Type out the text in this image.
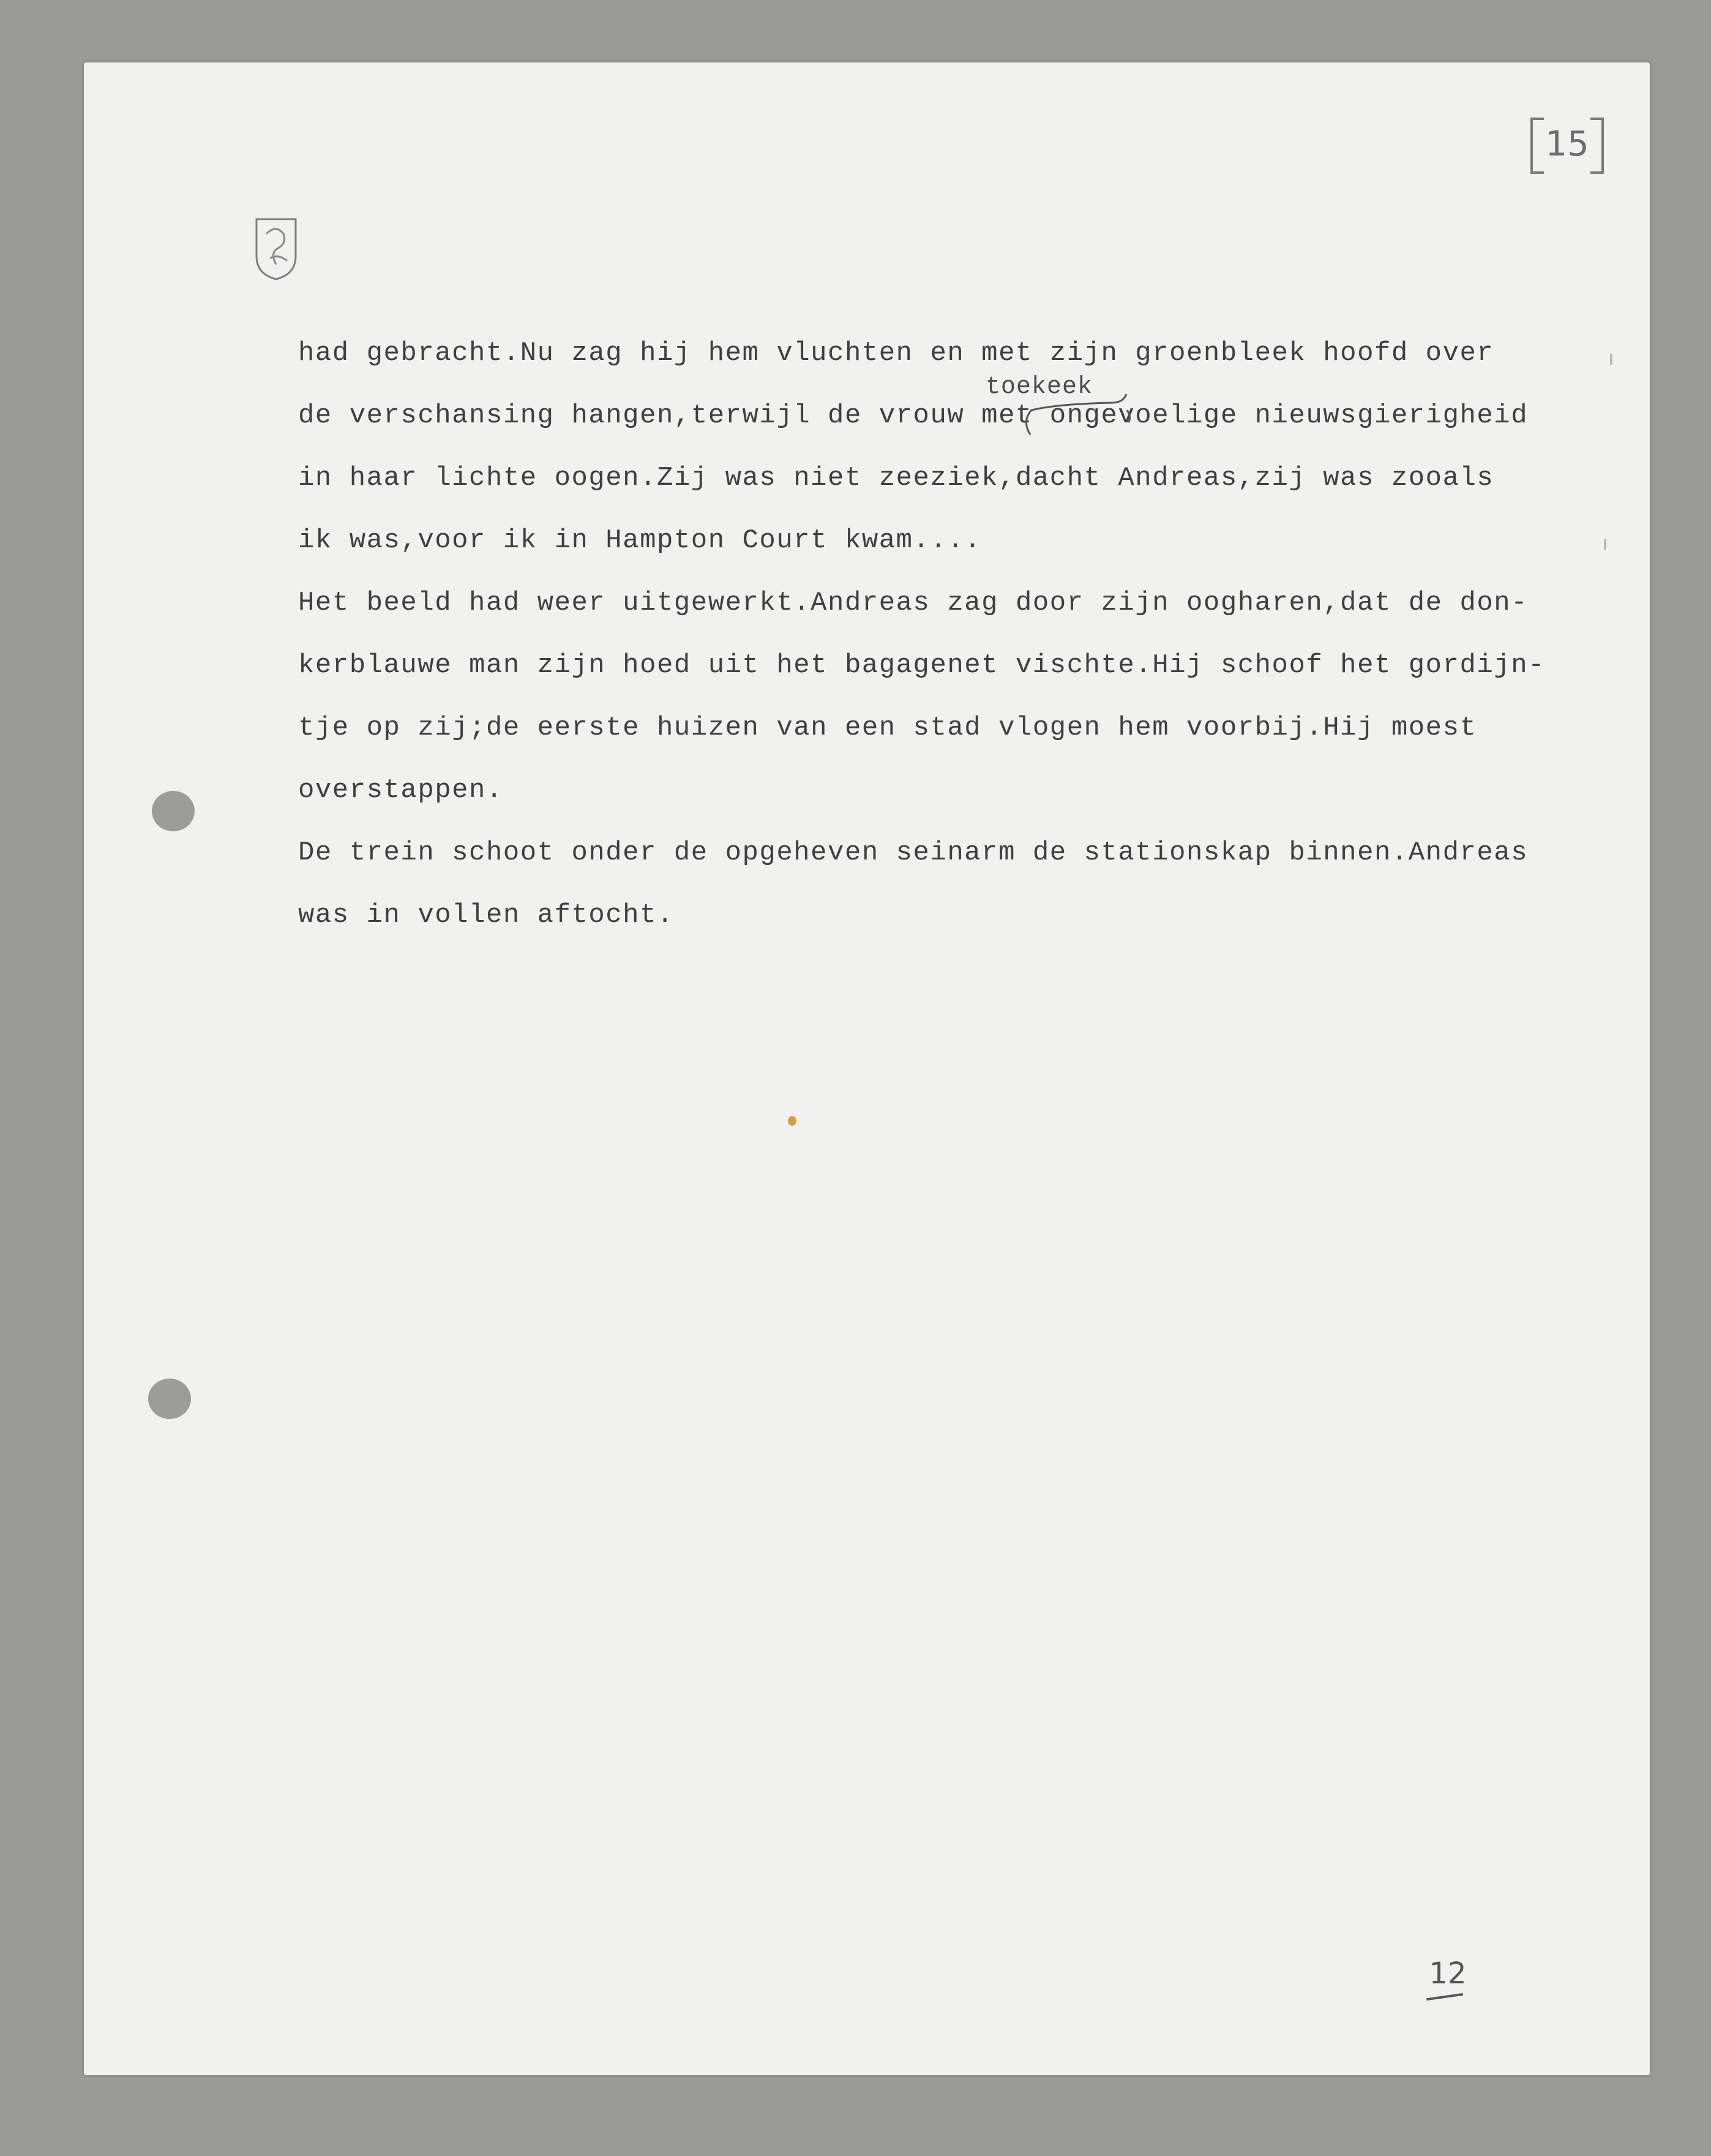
15

had gebracht.Nu zag hij hem vluchten en met zijn groenbleek hoofd over

de verschansing hangen,terwijl de vrouw met ongevoelige nieuwsgierigheid

in haar lichte oogen.Zij was niet zeeziek,dacht Andreas,zij was zooals

ik was,voor ik in Hampton Court kwam....

Het beeld had weer uitgewerkt.Andreas zag door zijn oogharen,dat de don-

kerblauwe man zijn hoed uit het bagagenet vischte.Hij schoof het gordijn-

tje op zij;de eerste huizen van een stad vlogen hem voorbij.Hij moest

overstappen.

De trein schoot onder de opgeheven seinarm de stationskap binnen.Andreas

was in vollen aftocht.

toekeek
12
